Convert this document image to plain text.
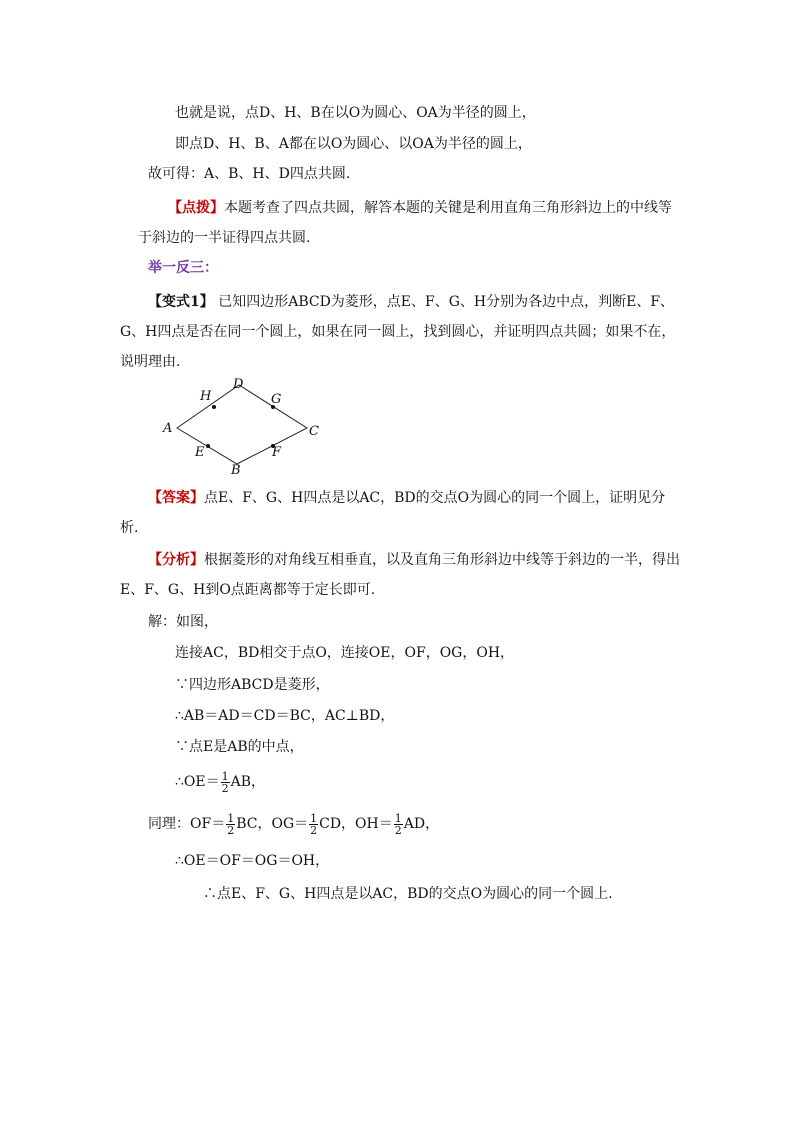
也就是说，点D、H、B在以O为圆心、OA为半径的圆上，
即点D、H、B、A都在以O为圆心、以OA为半径的圆上，
故可得：A、B、H、D四点共圆.
【点拨】本题考查了四点共圆，解答本题的关键是利用直角三角形斜边上的中线等
于斜边的一半证得四点共圆.
举一反三：
【变式1】 已知四边形ABCD为菱形，点E、F、G、H分别为各边中点，判断E、F、
G、H四点是否在同一个圆上，如果在同一圆上，找到圆心，并证明四点共圆；如果不在，
说明理由.
A
D
C
B
H	G
E	F
【答案】点E、F、G、H四点是以AC，BD的交点O为圆心的同一个圆上，证明见分
析.
【分析】根据菱形的对角线互相垂直，以及直角三角形斜边中线等于斜边的一半，得出
E、F、G、H到O点距离都等于定长即可.
解：如图，
连接AC，BD相交于点O，连接OE，OF，OG，OH，
∵四边形ABCD是菱形，
∴AB＝AD＝CD＝BC，AC⊥BD，
∵点E是AB的中点，
∴OE＝ $\frac{1}{2}$ AB，
同理：$OF= \frac{1}{2}$ BC，$OG= \frac{1}{2}$ CD，$OH= \frac{1}{2}$ AD，
∴OE＝OF＝OG＝OH，
∴点E、F、G、H四点是以AC，BD的交点O为圆心的同一个圆上.
